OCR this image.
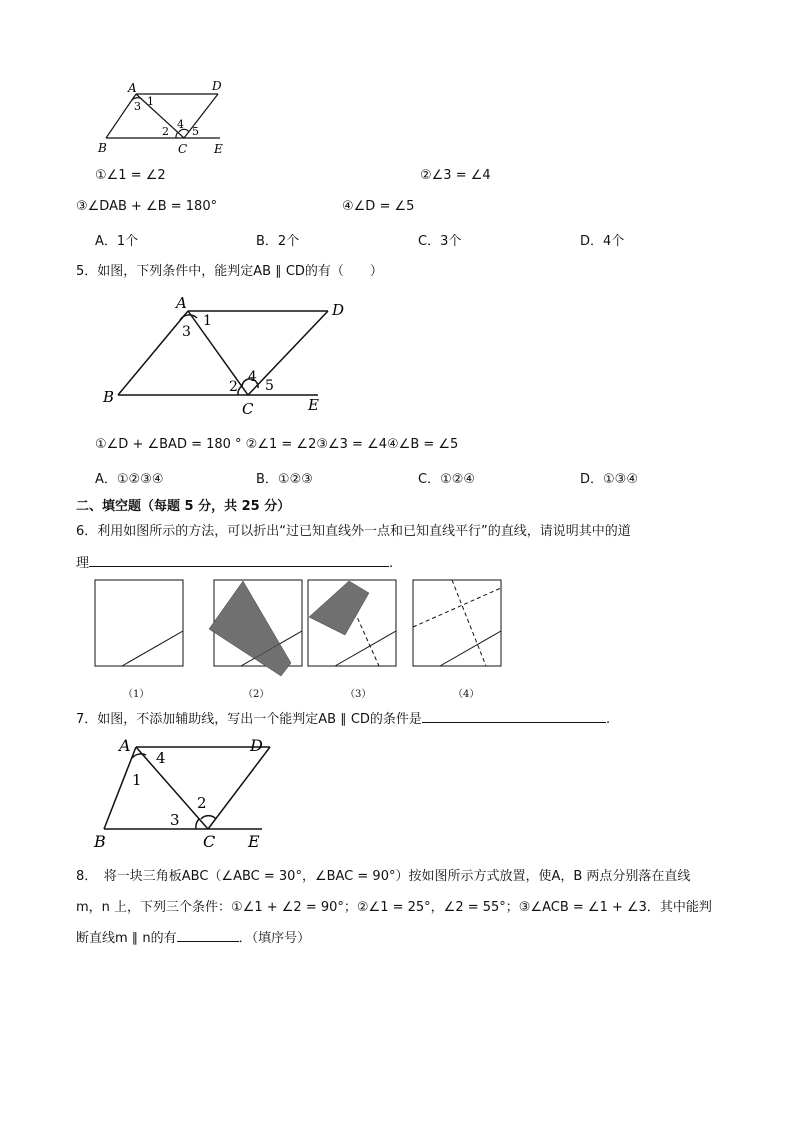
A	D
B	C E
1
3
2
4
5
①∠1 = ∠2	②∠3 = ∠4
③∠DAB + ∠B = 180°	④∠D = ∠5
A．1个	B．2个	C．3个	D．4个
5．如图，下列条件中，能判定AB ∥ CD的有（　　）
A	D
B
C	E
1
3
2
4
5
①∠D + ∠BAD = 180 ° ②∠1 = ∠2③∠3 = ∠4④∠B = ∠5
A．①②③④	B．①②③	C．①②④	D．①③④
二、填空题（每题 5 分，共 25 分）
6．利用如图所示的方法，可以折出“过已知直线外一点和已知直线平行”的直线，请说明其中的道
理	.
（1）	（2）	（3）	（4）
7．如图，不添加辅助线，写出一个能判定AB ∥ CD的条件是	.
A	D
B	C E
4
1
2
3
8．　将一块三角板ABC（∠ABC = 30°，∠BAC = 90°）按如图所示方式放置，使A，B 两点分别落在直线
m，n 上，下列三个条件：①∠1 + ∠2 = 90°；②∠1 = 25°，∠2 = 55°；③∠ACB = ∠1 + ∠3．其中能判
断直线m ∥ n的有	．（填序号）
